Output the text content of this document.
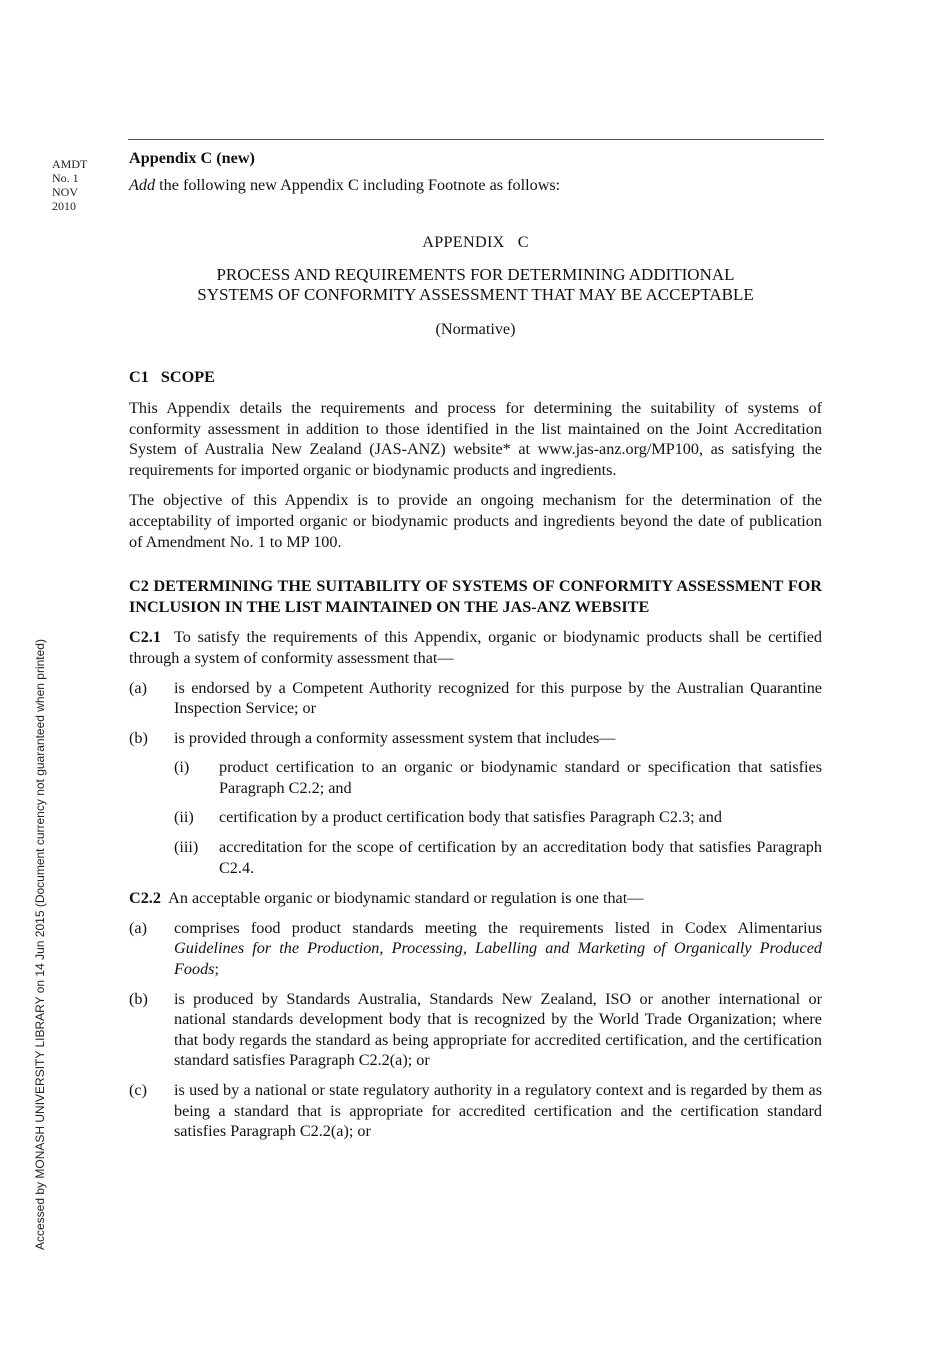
AMDT
No. 1
NOV
2010
Accessed by MONASH UNIVERSITY LIBRARY on 14 Jun 2015 (Document currency not guaranteed when printed)

Appendix C (new)

Add the following new Appendix C including Footnote as follows:

APPENDIX   C

PROCESS AND REQUIREMENTS FOR DETERMINING ADDITIONAL
SYSTEMS OF CONFORMITY ASSESSMENT THAT MAY BE ACCEPTABLE

(Normative)

C1   SCOPE

This Appendix details the requirements and process for determining the suitability of systems of conformity assessment in addition to those identified in the list maintained on the Joint Accreditation System of Australia New Zealand (JAS-ANZ) website* at www.jas-anz.org/MP100, as satisfying the requirements for imported organic or biodynamic products and ingredients.

The objective of this Appendix is to provide an ongoing mechanism for the determination of the acceptability of imported organic or biodynamic products and ingredients beyond the date of publication of Amendment No. 1 to MP 100.

C2 DETERMINING THE SUITABILITY OF SYSTEMS OF CONFORMITY ASSESSMENT FOR INCLUSION IN THE LIST MAINTAINED ON THE JAS-ANZ WEBSITE

C2.1  To satisfy the requirements of this Appendix, organic or biodynamic products shall be certified through a system of conformity assessment that—

(a)	is endorsed by a Competent Authority recognized for this purpose by the Australian Quarantine Inspection Service; or
(b)	is provided through a conformity assessment system that includes—
(i)	product certification to an organic or biodynamic standard or specification that satisfies Paragraph C2.2; and
(ii)	certification by a product certification body that satisfies Paragraph C2.3; and
(iii)	accreditation for the scope of certification by an accreditation body that satisfies Paragraph C2.4.

C2.2  An acceptable organic or biodynamic standard or regulation is one that—

(a)	comprises food product standards meeting the requirements listed in Codex Alimentarius Guidelines for the Production, Processing, Labelling and Marketing of Organically Produced Foods;
(b)	is produced by Standards Australia, Standards New Zealand, ISO or another international or national standards development body that is recognized by the World Trade Organization; where that body regards the standard as being appropriate for accredited certification, and the certification standard satisfies Paragraph C2.2(a); or
(c)	is used by a national or state regulatory authority in a regulatory context and is regarded by them as being a standard that is appropriate for accredited certification and the certification standard satisfies Paragraph C2.2(a); or
